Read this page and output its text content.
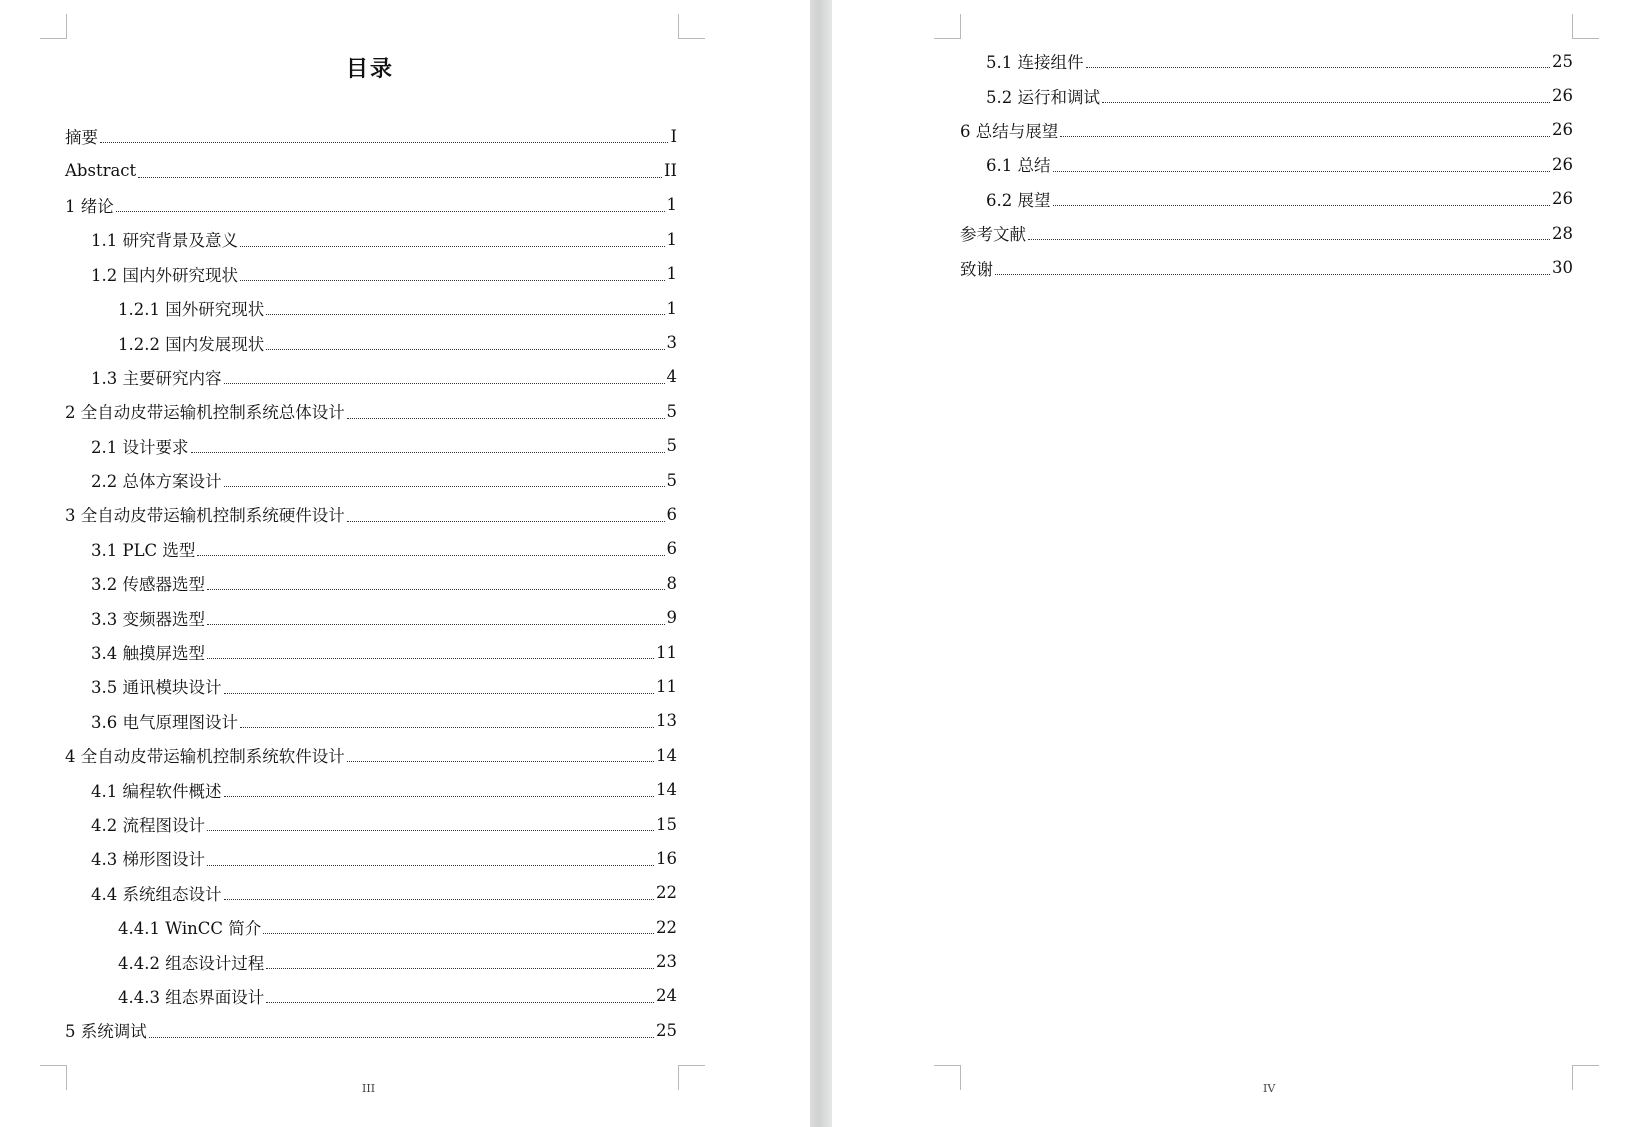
目录
III	IV
摘要	I
Abstract	II
1 绪论	1
1.1 研究背景及意义	1
1.2 国内外研究现状	1
1.2.1 国外研究现状	1
1.2.2 国内发展现状	3
1.3 主要研究内容	4
2 全自动皮带运输机控制系统总体设计	5
2.1 设计要求	5
2.2 总体方案设计	5
3 全自动皮带运输机控制系统硬件设计	6
3.1 PLC 选型	6
3.2 传感器选型	8
3.3 变频器选型	9
3.4 触摸屏选型	11
3.5 通讯模块设计	11
3.6 电气原理图设计	13
4 全自动皮带运输机控制系统软件设计	14
4.1 编程软件概述	14
4.2 流程图设计	15
4.3 梯形图设计	16
4.4 系统组态设计	22
4.4.1 WinCC 简介	22
4.4.2 组态设计过程	23
4.4.3 组态界面设计	24
5 系统调试	25
5.1 连接组件	25
5.2 运行和调试	26
6 总结与展望	26
6.1 总结	26
6.2 展望	26
参考文献	28
致谢	30
